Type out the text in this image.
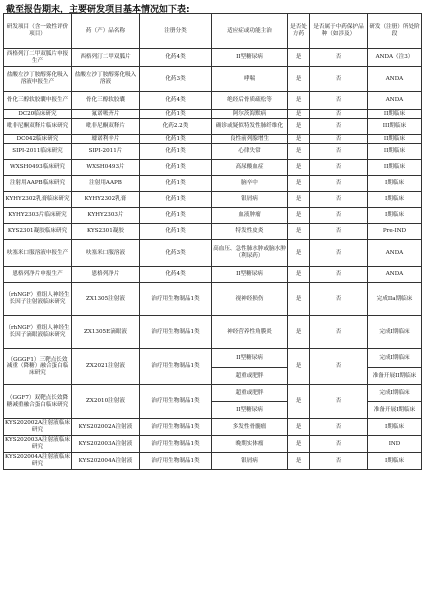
截至报告期末，主要研发项目基本情况如下表:
研发项目（含一致性评价项目）	药（产）品名称	注册分类	适应症或功能主治	是否处方药	是否属于中药保护品种（如涉及）	研发（注册）所处阶段
西格列汀二甲双胍片申报生产	西格列汀二甲双胍片	化药4类	II型糖尿病	是	否	ANDA（注3）
盐酸左沙丁胺醇雾化吸入溶液申报生产	盐酸左沙丁胺醇雾化吸入溶液	化药3类	哮喘	是	否	ANDA
骨化三醇软胶囊申报生产	骨化三醇软胶囊	化药4类	绝经后骨质疏松等	是	否	ANDA
DC20临床研究	氟诺哌齐片	化药1类	阿尔茨海默病	是	否	II期临床
吡非尼酮双释片临床研究	吡非尼酮双释片	化药2.2类	确诊或疑似特发性肺纤维化	是	否	III期临床
DC042临床研究	璩诺利辛片	化药1类	良性前列腺增生	是	否	II期临床
SIPI-2011临床研究	SIPI-2011片	化药1类	心律失常	是	否	II期临床
WXSH0493临床研究	WXSH0493片	化药1类	高尿酸血症	是	否	II期临床
注射用AAPB临床研究	注射用AAPB	化药1类	脑卒中	是	否	I期临床
KYHY2302乳膏临床研究	KYHY2302乳膏	化药1类	银屑病	是	否	I期临床
KYHY2303片临床研究	KYHY2303片	化药1类	血液肿瘤	是	否	I期临床
KYS2301凝胶临床研究	KYS2301凝胶	化药1类	特发性皮炎	是	否	Pre-IND
呋塞米口服溶液申报生产	呋塞米口服溶液	化药3类	高血压、急性肺水肿或脑水肿（利尿药）	是	否	ANDA
恩格列净片申报生产	恩格列净片	化药4类	II型糖尿病	是	否	ANDA
（rhNGF）重组人神经生长因子注射液临床研究	ZX1305注射液	治疗用生物制品1类	视神经损伤	是	否	完成IIa期临床
（rhNGF）重组人神经生长因子滴眼液临床研究	ZX1305E滴眼液	治疗用生物制品1类	神经营养性角膜炎	是	否	完成I期临床
（GGGF1）三靶点长效减重（降糖）融合蛋白临床研究	ZX2021注射液	治疗用生物制品1类	II型糖尿病	是	否	完成I期临床

			超重或肥胖			准备开展II期临床
（GGF7）双靶点长效降糖减重融合蛋白临床研究	ZX2010注射液	治疗用生物制品1类	超重或肥胖	是	否	完成I期临床
			II型糖尿病			准备开展I期临床
KYS202002A注射液临床研究	KYS202002A注射液	治疗用生物制品1类	多发性骨髓瘤	是	否	I期临床
KYS202003A注射液临床研究	KYS202003A注射液	治疗用生物制品1类	晚期实体瘤	是	否	IND
KYS202004A注射液临床研究	KYS202004A注射液	治疗用生物制品1类	银屑病	是	否	I期临床
